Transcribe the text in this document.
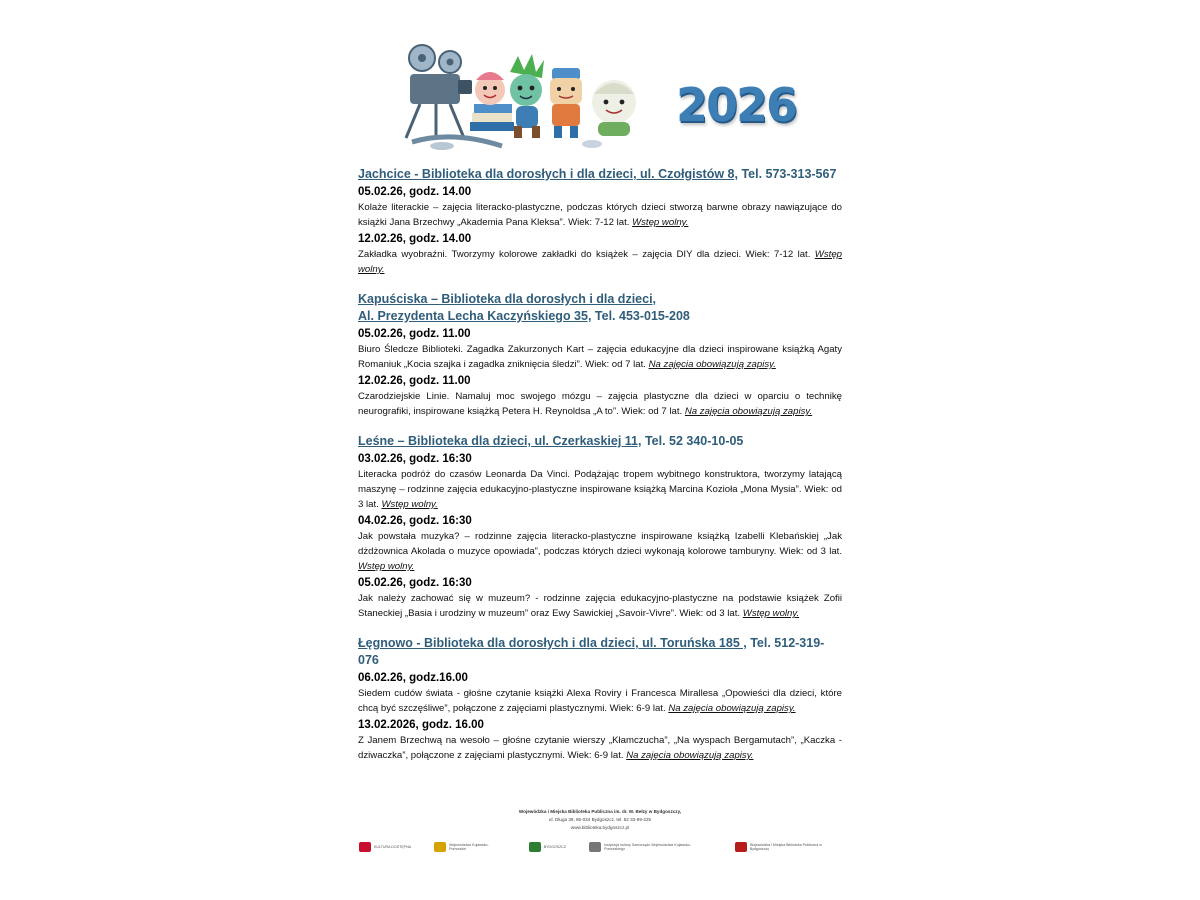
2026
Jachcice - Biblioteka dla dorosłych i dla dzieci, ul. Czołgistów 8, Tel. 573-313-567
05.02.26, godz. 14.00
Kolaże literackie – zajęcia literacko-plastyczne, podczas których dzieci stworzą barwne obrazy nawiązujące do książki Jana Brzechwy „Akademia Pana Kleksa”. Wiek: 7-12 lat. Wstęp wolny.
12.02.26, godz. 14.00
Zakładka wyobraźni. Tworzymy kolorowe zakładki do książek – zajęcia DIY dla dzieci. Wiek: 7-12 lat. Wstęp wolny.
Kapuściska – Biblioteka dla dorosłych i dla dzieci,
Al. Prezydenta Lecha Kaczyńskiego 35, Tel. 453-015-208
05.02.26, godz. 11.00
Biuro Śledcze Biblioteki. Zagadka Zakurzonych Kart – zajęcia edukacyjne dla dzieci inspirowane książką Agaty Romaniuk „Kocia szajka i zagadka zniknięcia śledzi”. Wiek: od 7 lat. Na zajęcia obowiązują zapisy.
12.02.26, godz. 11.00
Czarodziejskie Linie. Namaluj moc swojego mózgu – zajęcia plastyczne dla dzieci w oparciu o technikę neurografiki, inspirowane książką Petera H. Reynoldsa „A to”. Wiek: od 7 lat. Na zajęcia obowiązują zapisy.
Leśne – Biblioteka dla dzieci, ul. Czerkaskiej 11, Tel. 52 340-10-05
03.02.26, godz. 16:30
Literacka podróż do czasów Leonarda Da Vinci. Podążając tropem wybitnego konstruktora, tworzymy latającą maszynę – rodzinne zajęcia edukacyjno-plastyczne inspirowane książką Marcina Kozioła „Mona Mysia”. Wiek: od 3 lat. Wstęp wolny.
04.02.26, godz. 16:30
Jak powstała muzyka? – rodzinne zajęcia literacko-plastyczne inspirowane książką Izabelli Klebańskiej „Jak dżdżownica Akolada o muzyce opowiada”, podczas których dzieci wykonają kolorowe tamburyny. Wiek: od 3 lat. Wstęp wolny.
05.02.26, godz. 16:30
Jak należy zachować się w muzeum? - rodzinne zajęcia edukacyjno-plastyczne na podstawie książek Zofii Staneckiej „Basia i urodziny w muzeum” oraz Ewy Sawickiej „Savoir-Vivre”. Wiek: od 3 lat. Wstęp wolny.
Łęgnowo - Biblioteka dla dorosłych i dla dzieci, ul. Toruńska 185 , Tel. 512-319-076
06.02.26, godz.16.00
Siedem cudów świata - głośne czytanie książki Alexa Roviry i Francesca Mirallesa „Opowieści dla dzieci, które chcą być szczęśliwe”, połączone z zajęciami plastycznymi. Wiek: 6-9 lat. Na zajęcia obowiązują zapisy.
13.02.2026, godz. 16.00
Z Janem Brzechwą na wesoło – głośne czytanie wierszy „Kłamczucha”, „Na wyspach Bergamutach”, „Kaczka -dziwaczka”, połączone z zajęciami plastycznymi. Wiek: 6-9 lat. Na zajęcia obowiązują zapisy.
Wojewódzka i Miejska Biblioteka Publiczna im. dr. W. Bełzy w Bydgoszczy,
ul. Długa 39, 85-034 Bydgoszcz, tel. 52 33-99-225
www.biblioteka.bydgoszcz.pl
KULTURA DOSTĘPNA	Województwo Kujawsko-Pomorskie	BYDGOSZCZ	Instytucja kultury Samorządu Województwa Kujawsko-Pomorskiego
Wojewódzka i Miejska Biblioteka Publiczna w Bydgoszczy
